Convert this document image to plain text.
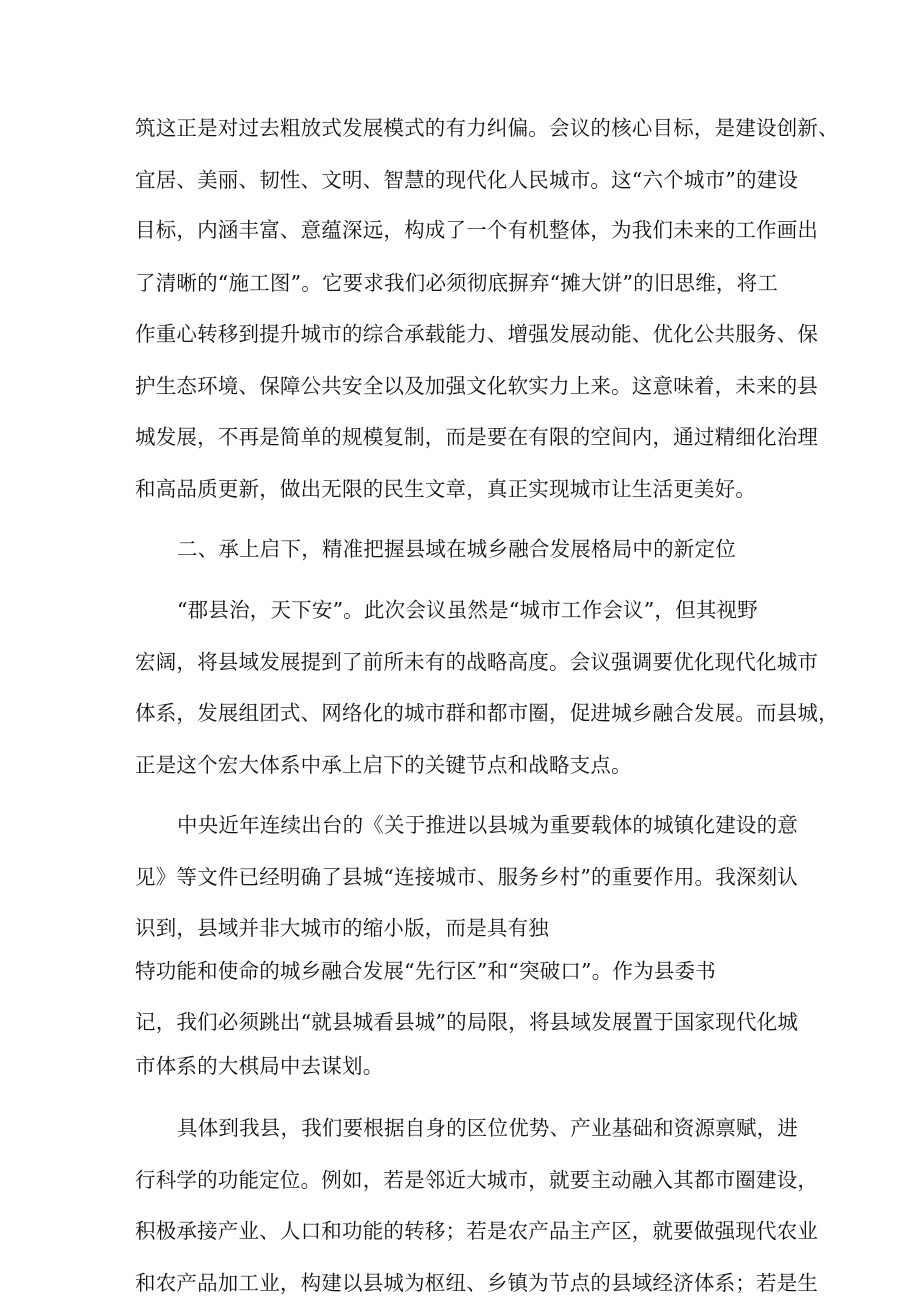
筑这正是对过去粗放式发展模式的有力纠偏。会议的核心目标，是建设创新、
宜居、美丽、韧性、文明、智慧的现代化人民城市。这“六个城市”的建设
目标，内涵丰富、意蕴深远，构成了一个有机整体，为我们未来的工作画出
了清晰的“施工图”。它要求我们必须彻底摒弃“摊大饼”的旧思维，将工
作重心转移到提升城市的综合承载能力、增强发展动能、优化公共服务、保
护生态环境、保障公共安全以及加强文化软实力上来。这意味着，未来的县
城发展，不再是简单的规模复制，而是要在有限的空间内，通过精细化治理
和高品质更新，做出无限的民生文章，真正实现城市让生活更美好。
二、承上启下，精准把握县域在城乡融合发展格局中的新定位
“郡县治，天下安”。此次会议虽然是“城市工作会议”，但其视野
宏阔，将县域发展提到了前所未有的战略高度。会议强调要优化现代化城市
体系，发展组团式、网络化的城市群和都市圈，促进城乡融合发展。而县城，
正是这个宏大体系中承上启下的关键节点和战略支点。
中央近年连续出台的《关于推进以县城为重要载体的城镇化建设的意
见》等文件已经明确了县城“连接城市、服务乡村”的重要作用。我深刻认
识到，县域并非大城市的缩小版，而是具有独
特功能和使命的城乡融合发展“先行区”和“突破口”。作为县委书
记，我们必须跳出“就县城看县城”的局限，将县域发展置于国家现代化城
市体系的大棋局中去谋划。
具体到我县，我们要根据自身的区位优势、产业基础和资源禀赋，进
行科学的功能定位。例如，若是邻近大城市，就要主动融入其都市圈建设，
积极承接产业、人口和功能的转移；若是农产品主产区，就要做强现代农业
和农产品加工业，构建以县城为枢纽、乡镇为节点的县域经济体系；若是生
